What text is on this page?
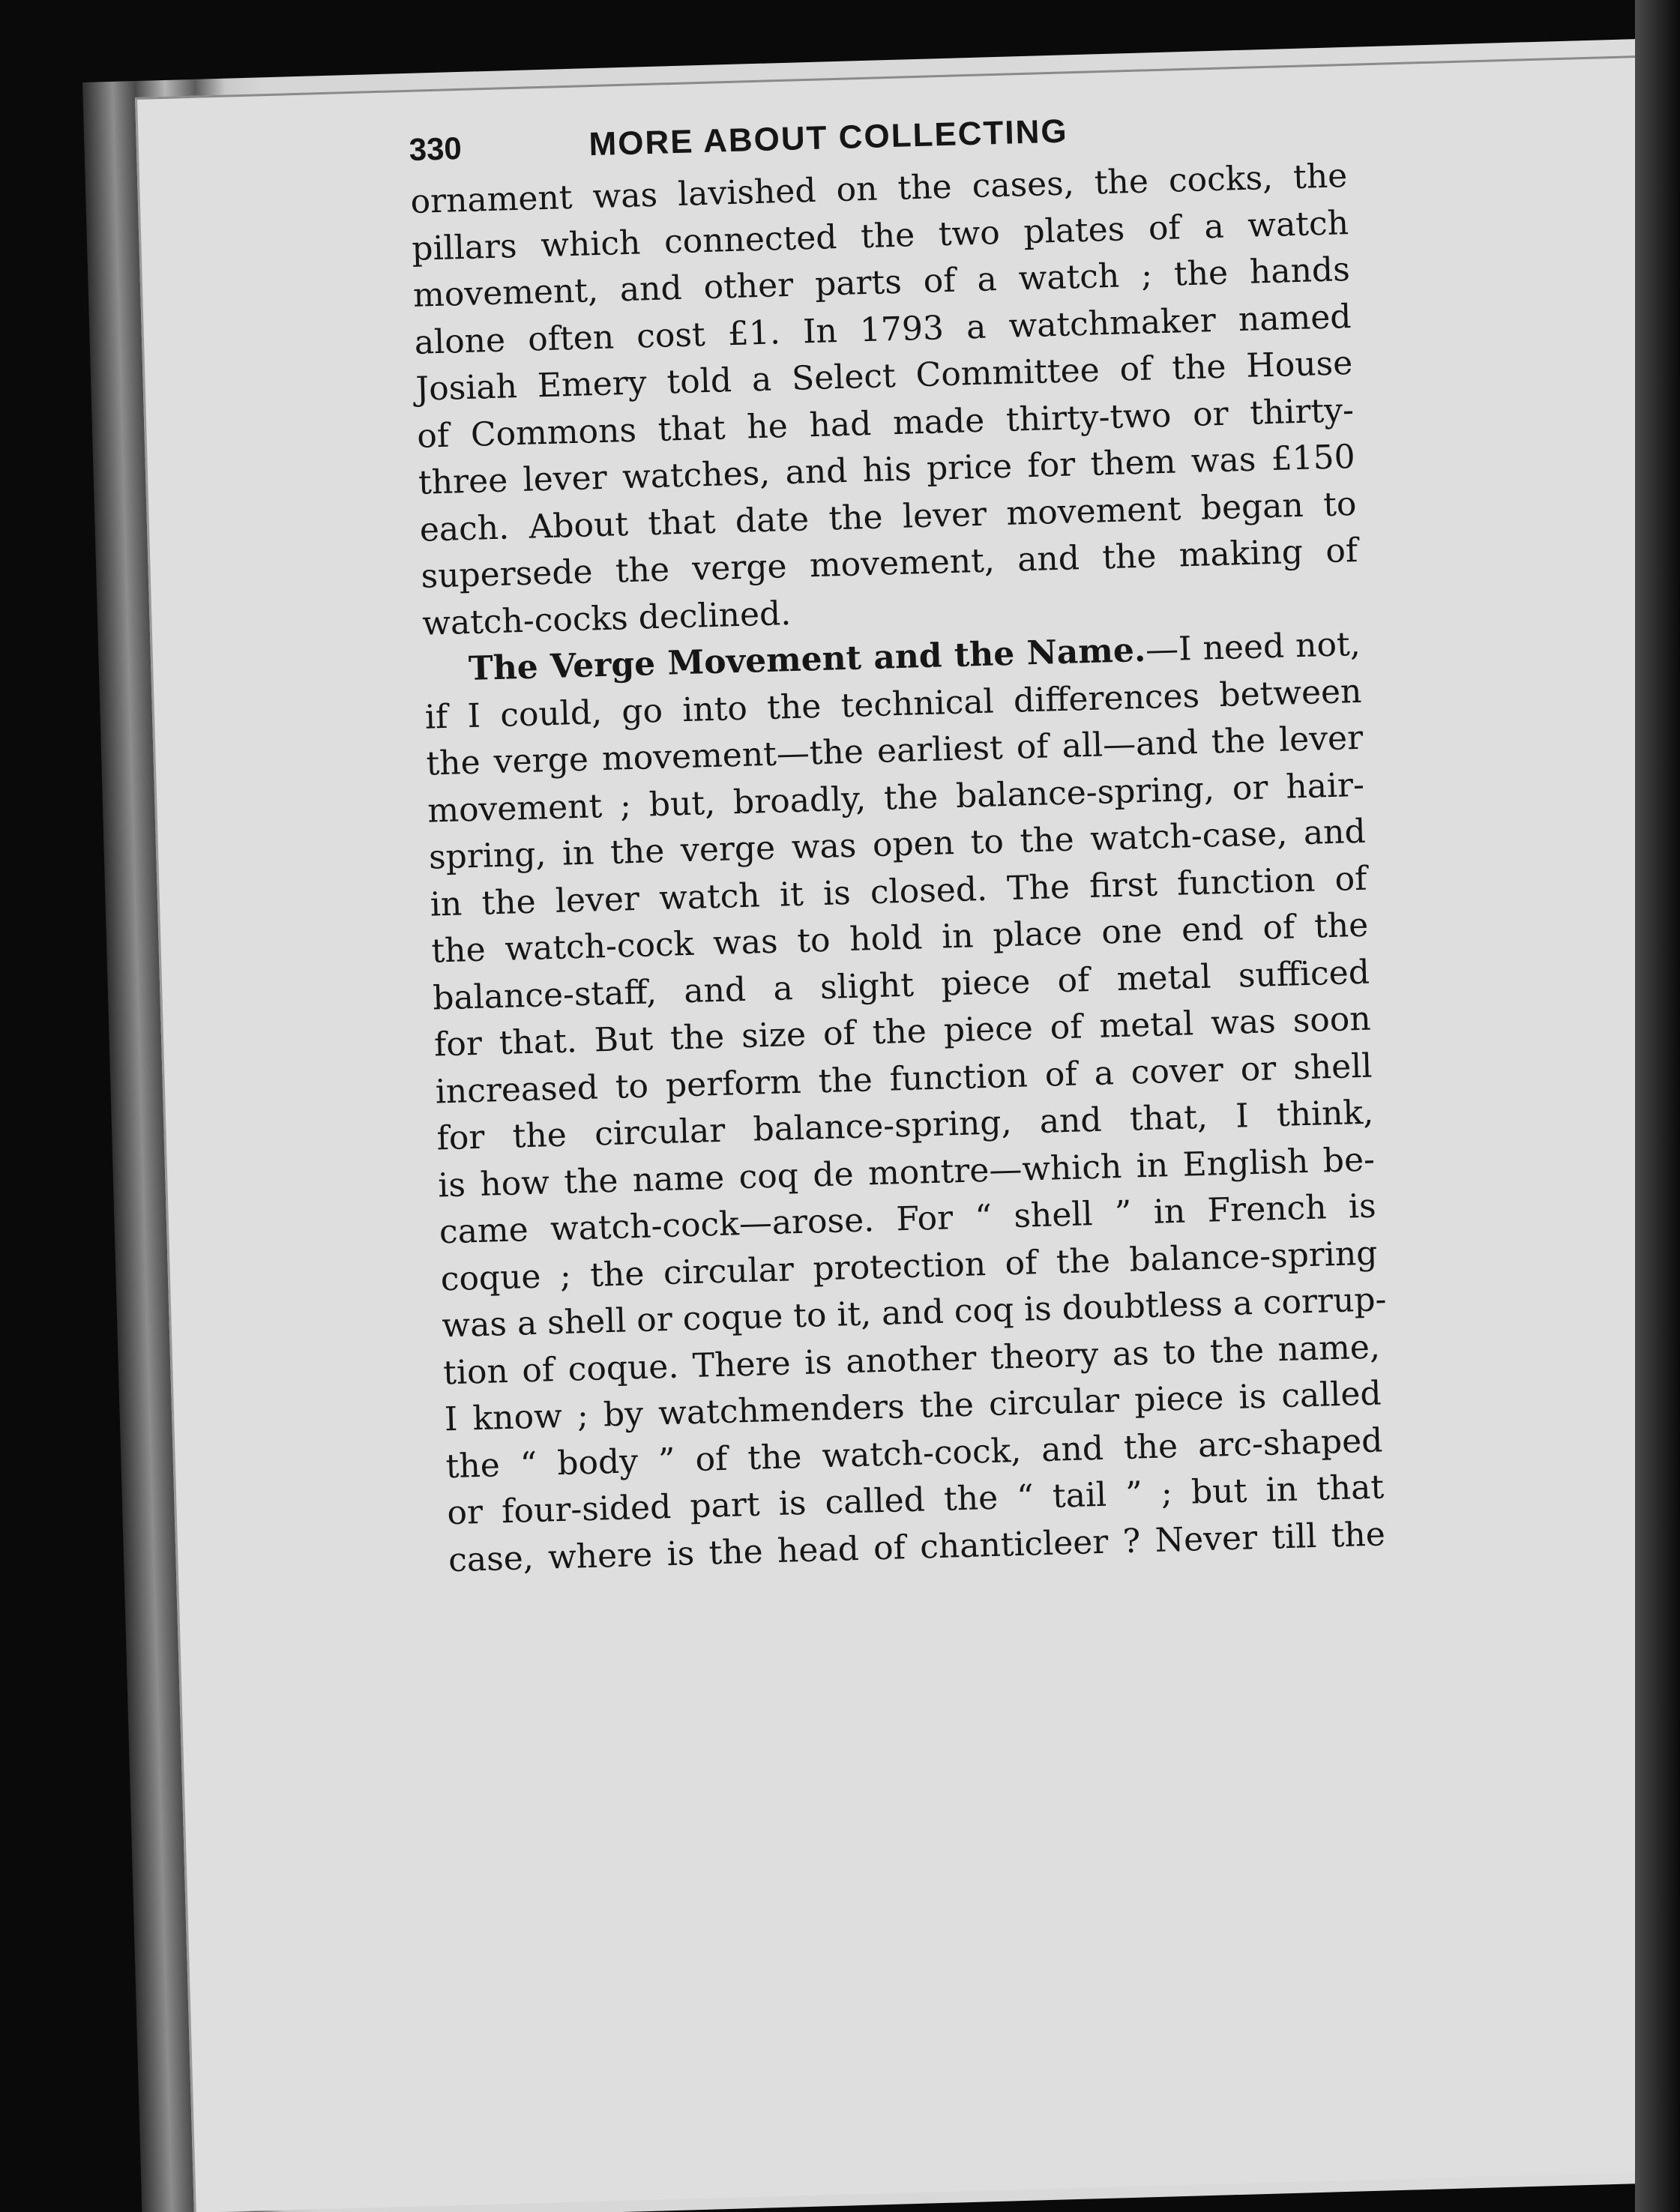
330	MORE ABOUT COLLECTING
ornament was lavished on the cases, the cocks, the
pillars which connected the two plates of a watch
movement, and other parts of a watch ; the hands
alone often cost £1. In 1793 a watchmaker named
Josiah Emery told a Select Committee of the House
of Commons that he had made thirty-two or thirty-
three lever watches, and his price for them was £150
each. About that date the lever movement began to
supersede the verge movement, and the making of
watch-cocks declined.
The Verge Movement and the Name.—I need not,
if I could, go into the technical differences between
the verge movement—the earliest of all—and the lever
movement ; but, broadly, the balance-spring, or hair-
spring, in the verge was open to the watch-case, and
in the lever watch it is closed. The first function of
the watch-cock was to hold in place one end of the
balance-staff, and a slight piece of metal sufficed
for that. But the size of the piece of metal was soon
increased to perform the function of a cover or shell
for the circular balance-spring, and that, I think,
is how the name coq de montre—which in English be-
came watch-cock—arose. For “ shell ” in French is
coque ; the circular protection of the balance-spring
was a shell or coque to it, and coq is doubtless a corrup-
tion of coque. There is another theory as to the name,
I know ; by watchmenders the circular piece is called
the “ body ” of the watch-cock, and the arc-shaped
or four-sided part is called the “ tail ” ; but in that
case, where is the head of chanticleer ? Never till the
